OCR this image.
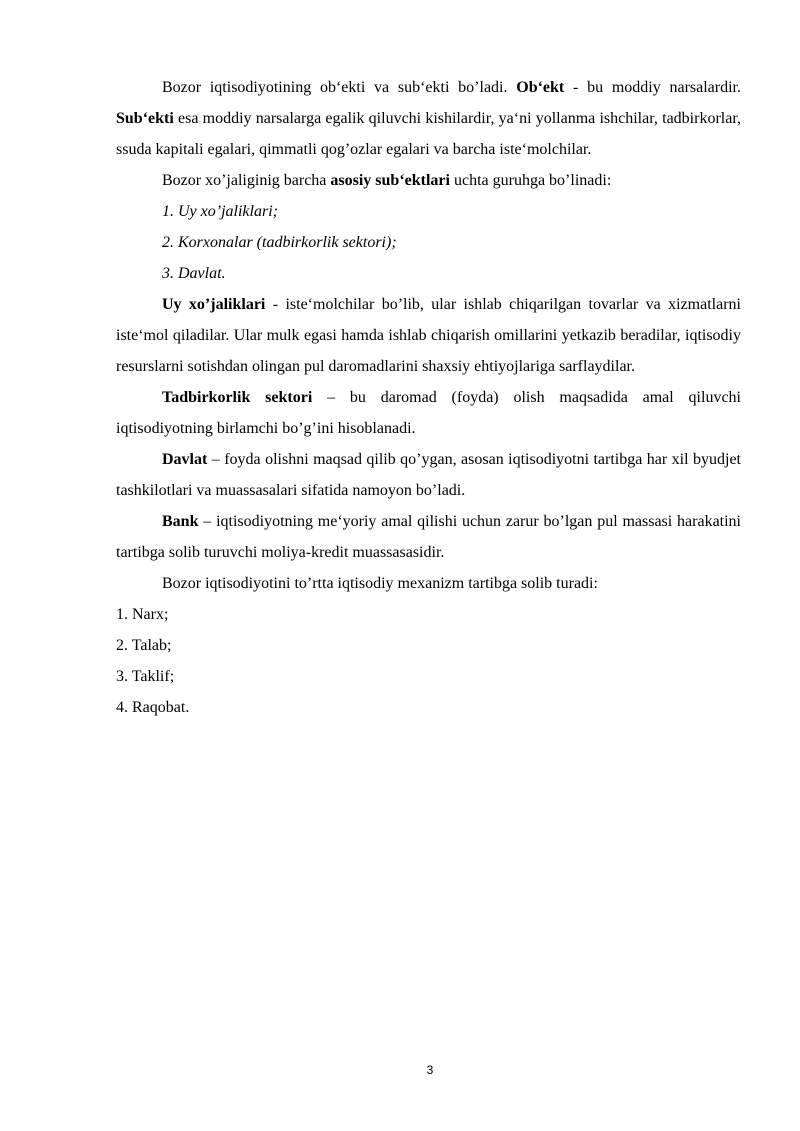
Bozor iqtisodiyotining ob‘ekti va sub‘ekti bo’ladi. Ob‘ekt - bu moddiy narsalardir. Sub‘ekti esa moddiy narsalarga egalik qiluvchi kishilardir, ya‘ni yollanma ishchilar, tadbirkorlar, ssuda kapitali egalari, qimmatli qog’ozlar egalari va barcha iste‘molchilar.

Bozor xo’jaliginig barcha asosiy sub‘ektlari uchta guruhga bo’linadi:

1. Uy xo’jaliklari;

2. Korxonalar (tadbirkorlik sektori);

3. Davlat.

Uy xo’jaliklari - iste‘molchilar bo’lib, ular ishlab chiqarilgan tovarlar va xizmatlarni iste‘mol qiladilar. Ular mulk egasi hamda ishlab chiqarish omillarini yetkazib beradilar, iqtisodiy resurslarni sotishdan olingan pul daromadlarini shaxsiy ehtiyojlariga sarflaydilar.

Tadbirkorlik sektori – bu daromad (foyda) olish maqsadida amal qiluvchi iqtisodiyotning birlamchi bo’g’ini hisoblanadi.

Davlat – foyda olishni maqsad qilib qo’ygan, asosan iqtisodiyotni tartibga har xil byudjet tashkilotlari va muassasalari sifatida namoyon bo’ladi.

Bank – iqtisodiyotning me‘yoriy amal qilishi uchun zarur bo’lgan pul massasi harakatini tartibga solib turuvchi moliya-kredit muassasasidir.

Bozor iqtisodiyotini to’rtta iqtisodiy mexanizm tartibga solib turadi:

1. Narx;

2. Talab;

3. Taklif;

4. Raqobat.

3
